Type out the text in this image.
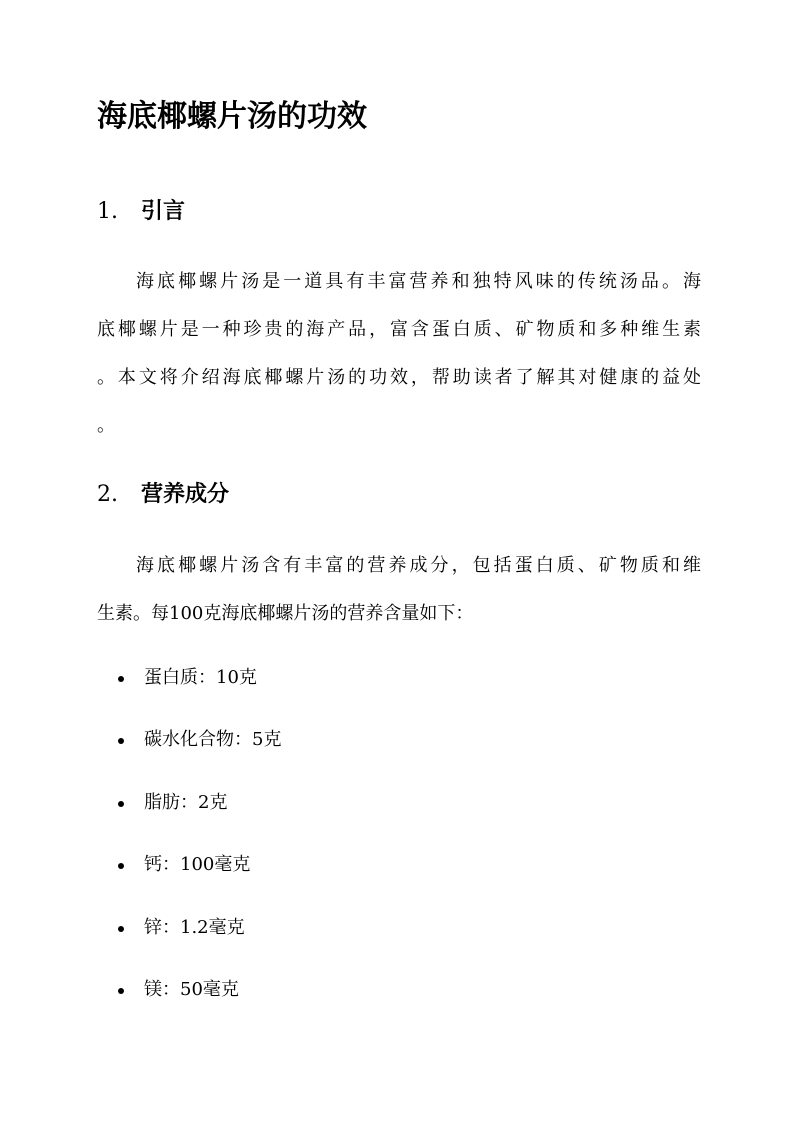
海底椰螺片汤的功效
1. 引言
海底椰螺片汤是一道具有丰富营养和独特风味的传统汤品。海
底椰螺片是一种珍贵的海产品，富含蛋白质、矿物质和多种维生素
。本文将介绍海底椰螺片汤的功效，帮助读者了解其对健康的益处
。
2. 营养成分
海底椰螺片汤含有丰富的营养成分，包括蛋白质、矿物质和维
生素。每100克海底椰螺片汤的营养含量如下：
蛋白质：10克
碳水化合物：5克
脂肪：2克
钙：100毫克
锌：1.2毫克
镁：50毫克
